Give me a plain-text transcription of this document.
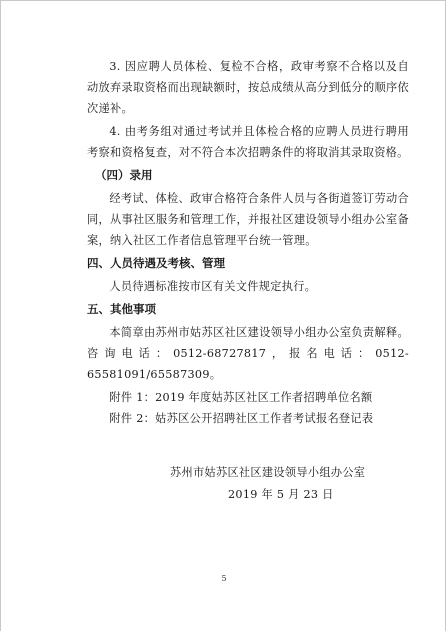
3. 因应聘人员体检、复检不合格，政审考察不合格以及自动放弃录取资格而出现缺额时，按总成绩从高分到低分的顺序依次递补。

4. 由考务组对通过考试并且体检合格的应聘人员进行聘用考察和资格复查，对不符合本次招聘条件的将取消其录取资格。

（四）录用

经考试、体检、政审合格符合条件人员与各街道签订劳动合同，从事社区服务和管理工作，并报社区建设领导小组办公室备案，纳入社区工作者信息管理平台统一管理。

四、人员待遇及考核、管理

人员待遇标准按市区有关文件规定执行。

五、其他事项

本简章由苏州市姑苏区社区建设领导小组办公室负责解释。咨询电话：0512-68727817，报名电话：0512-65581091/65587309。

附件 1：2019 年度姑苏区社区工作者招聘单位名额

附件 2：姑苏区公开招聘社区工作者考试报名登记表

苏州市姑苏区社区建设领导小组办公室
2019 年 5 月 23 日
5
